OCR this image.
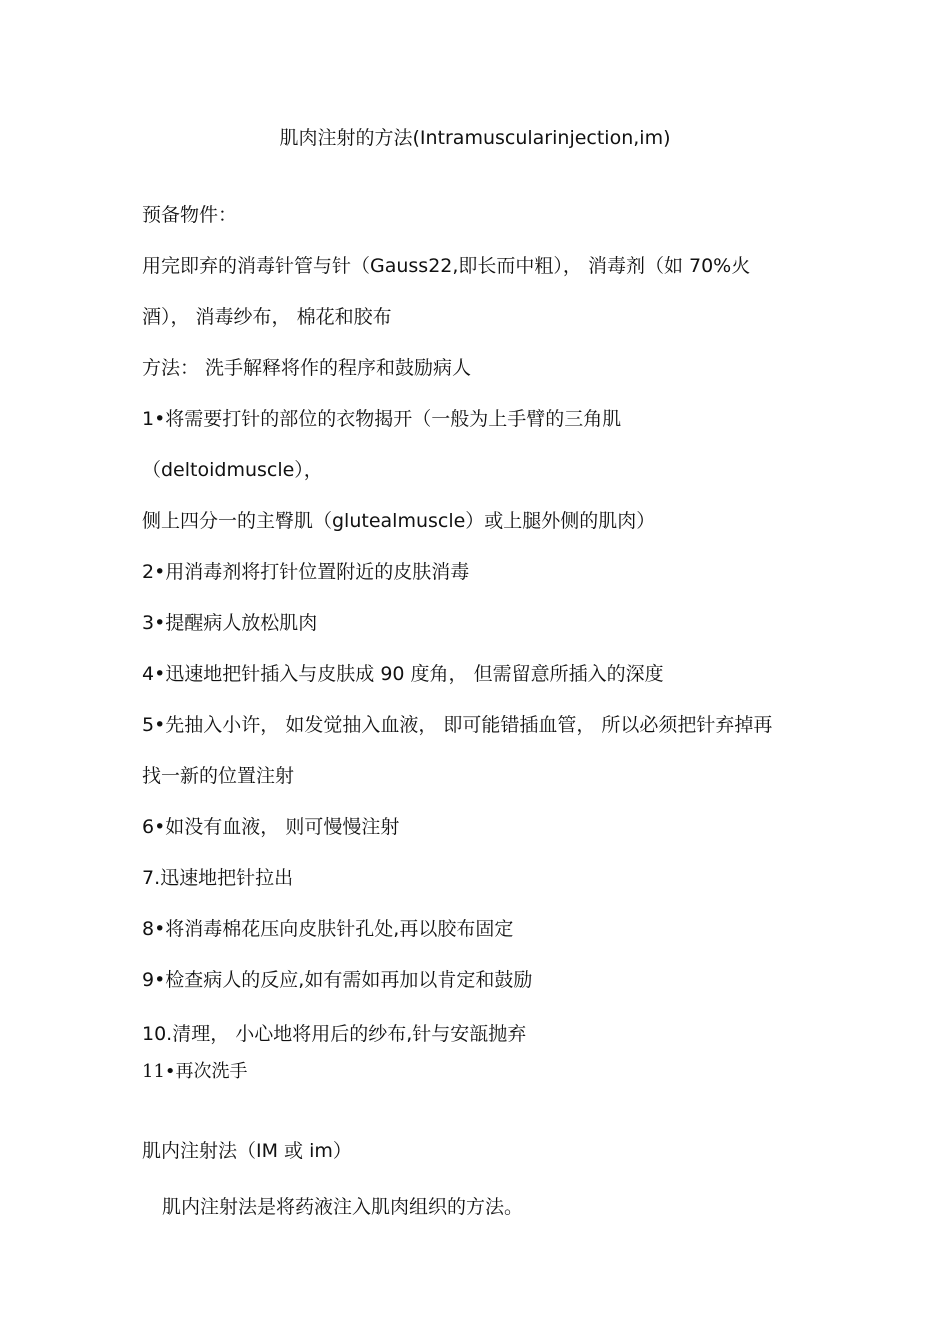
肌肉注射的方法(Intramuscularinjection,im)
预备物件：
用完即弃的消毒针管与针（Gauss22,即长而中粗）， 消毒剂（如 70%火
酒）， 消毒纱布， 棉花和胶布
方法： 洗手解释将作的程序和鼓励病人
1•将需要打针的部位的衣物揭开（一般为上手臂的三角肌
（deltoidmuscle），
侧上四分一的主臀肌（glutealmuscle）或上腿外侧的肌肉）
2•用消毒剂将打针位置附近的皮肤消毒
3•提醒病人放松肌肉
4•迅速地把针插入与皮肤成 90 度角， 但需留意所插入的深度
5•先抽入小许， 如发觉抽入血液， 即可能错插血管， 所以必须把针弃掉再
找一新的位置注射
6•如没有血液， 则可慢慢注射
7.迅速地把针拉出
8•将消毒棉花压向皮肤针孔处,再以胶布固定
9•检查病人的反应,如有需如再加以肯定和鼓励
10.清理， 小心地将用后的纱布,针与安瓿抛弃
11•再次洗手
肌内注射法（IM 或 im）
肌内注射法是将药液注入肌肉组织的方法。
